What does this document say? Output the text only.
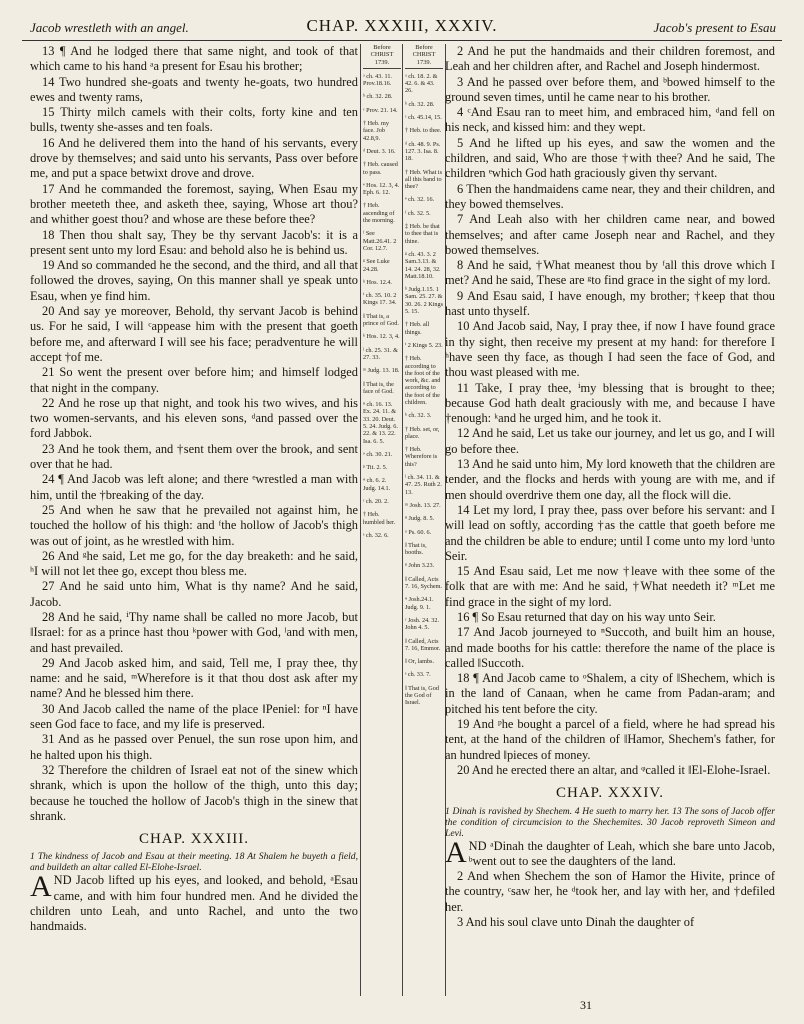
Jacob wrestleth with an angel.	CHAP. XXXIII, XXXIV.	Jacob's present to Esau

13 ¶ And he lodged there that same night, and took of that which came to his hand ᵃa present for Esau his brother;

14 Two hundred she-goats and twenty he-goats, two hundred ewes and twenty rams,

15 Thirty milch camels with their colts, forty kine and ten bulls, twenty she-asses and ten foals.

16 And he delivered them into the hand of his servants, every drove by themselves; and said unto his servants, Pass over before me, and put a space betwixt drove and drove.

17 And he commanded the foremost, saying, When Esau my brother meeteth thee, and asketh thee, saying, Whose art thou? and whither goest thou? and whose are these before thee?

18 Then thou shalt say, They be thy servant Jacob's: it is a present sent unto my lord Esau: and behold also he is behind us.

19 And so commanded he the second, and the third, and all that followed the droves, saying, On this manner shall ye speak unto Esau, when ye find him.

20 And say ye moreover, Behold, thy servant Jacob is behind us. For he said, I will ᶜappease him with the present that goeth before me, and afterward I will see his face; peradventure he will accept †of me.

21 So went the present over before him; and himself lodged that night in the company.

22 And he rose up that night, and took his two wives, and his two women-servants, and his eleven sons, ᵈand passed over the ford Jabbok.

23 And he took them, and †sent them over the brook, and sent over that he had.

24 ¶ And Jacob was left alone; and there ᵉwrestled a man with him, until the †breaking of the day.

25 And when he saw that he prevailed not against him, he touched the hollow of his thigh: and ᶠthe hollow of Jacob's thigh was out of joint, as he wrestled with him.

26 And ᵍhe said, Let me go, for the day breaketh: and he said, ʰI will not let thee go, except thou bless me.

27 And he said unto him, What is thy name? And he said, Jacob.

28 And he said, ⁱThy name shall be called no more Jacob, but ‖Israel: for as a prince hast thou ᵏpower with God, ˡand with men, and hast prevailed.

29 And Jacob asked him, and said, Tell me, I pray thee, thy name: and he said, ᵐWherefore is it that thou dost ask after my name? And he blessed him there.

30 And Jacob called the name of the place ‖Peniel: for ⁿI have seen God face to face, and my life is preserved.

31 And as he passed over Penuel, the sun rose upon him, and he halted upon his thigh.

32 Therefore the children of Israel eat not of the sinew which shrank, which is upon the hollow of the thigh, unto this day; because he touched the hollow of Jacob's thigh in the sinew that shrank.

CHAP. XXXIII.

1 The kindness of Jacob and Esau at their meeting. 18 At Shalem he buyeth a field, and buildeth an altar called El-Elohe-Israel.

AND Jacob lifted up his eyes, and looked, and behold, ᵃEsau came, and with him four hundred men. And he divided the children unto Leah, and unto Rachel, and unto the two handmaids.

Before CHRIST 1739.
ᵃ ch. 43. 11. Prov.18.16.
ᵇ ch. 32. 28.
ᶜ Prov. 21. 14.
† Heb. my face. Job 42.8,9.
ᵈ Deut. 3. 16.
† Heb. caused to pass.
ᵉ Hos. 12. 3, 4. Eph. 6. 12.
† Heb. ascending of the morning.
ᶠ See Matt.26.41. 2 Cor. 12.7.
ᵍ See Luke 24.28.
ʰ Hos. 12.4.
ⁱ ch. 35. 10. 2 Kings 17. 34.
‖ That is, a prince of God.
ᵏ Hos. 12. 3, 4.
ˡ ch. 25. 31. & 27. 33.
ᵐ Judg. 13. 18.
‖ That is, the face of God.
ⁿ ch. 16. 13. Ex. 24. 11. & 33. 20. Deut. 5. 24. Judg. 6. 22. & 13. 22. Isa. 6. 5.
ᵒ ch. 30. 21.
ᵖ Tit. 2. 5.
ᵠ ch. 6. 2. Judg. 14.1.
ʳ ch. 20. 2.
† Heb. humbled her.
ˢ ch. 32. 6.
Before CHRIST 1739.
ᵃ ch. 18. 2. & 42. 6. & 43. 26.
ᵇ ch. 32. 28.
ᶜ ch. 45.14, 15.
† Heb. to thee.
ᵈ ch. 48. 9. Ps. 127. 3. Isa. 8. 18.
† Heb. What is all this band to thee?
ᵉ ch. 32. 16.
ᶠ ch. 32. 5.
‡ Heb. be that to thee that is thine.
ᵍ ch. 43. 3. 2 Sam.3.13. & 14. 24. 28, 32. Matt.18.10.
ʰ Judg.1.15. 1 Sam. 25. 27. & 30. 26. 2 Kings 5. 15.
† Heb. all things.
ⁱ 2 Kings 5. 23.
† Heb. according to the foot of the work, &c. and according to the foot of the children.
ᵏ ch. 32. 3.
† Heb. set, or, place.
† Heb. Wherefore is this?
ˡ ch. 34. 11. & 47. 25. Ruth 2. 13.
ᵐ Josh. 13. 27.
ⁿ Judg. 8. 5.
ᵒ Ps. 60. 6.
‖ That is, booths.
ᵖ John 3.23.
‖ Called, Acts 7. 16, Sychem.
ᵠ Josh.24.1. Judg. 9. 1.
ʳ Josh. 24. 32. John 4. 5.
‖ Called, Acts 7. 16, Emmor.
‖ Or, lambs.
ˢ ch. 33. 7.
‖ That is, God the God of Israel.

2 And he put the handmaids and their children foremost, and Leah and her children after, and Rachel and Joseph hindermost.

3 And he passed over before them, and ᵇbowed himself to the ground seven times, until he came near to his brother.

4 ᶜAnd Esau ran to meet him, and embraced him, ᵈand fell on his neck, and kissed him: and they wept.

5 And he lifted up his eyes, and saw the women and the children, and said, Who are those †with thee? And he said, The children ᵉwhich God hath graciously given thy servant.

6 Then the handmaidens came near, they and their children, and they bowed themselves.

7 And Leah also with her children came near, and bowed themselves; and after came Joseph near and Rachel, and they bowed themselves.

8 And he said, †What meanest thou by ᶠall this drove which I met? And he said, These are ᵍto find grace in the sight of my lord.

9 And Esau said, I have enough, my brother; †keep that thou hast unto thyself.

10 And Jacob said, Nay, I pray thee, if now I have found grace in thy sight, then receive my present at my hand: for therefore I ʰhave seen thy face, as though I had seen the face of God, and thou wast pleased with me.

11 Take, I pray thee, ⁱmy blessing that is brought to thee; because God hath dealt graciously with me, and because I have †enough: ᵏand he urged him, and he took it.

12 And he said, Let us take our journey, and let us go, and I will go before thee.

13 And he said unto him, My lord knoweth that the children are tender, and the flocks and herds with young are with me, and if men should overdrive them one day, all the flock will die.

14 Let my lord, I pray thee, pass over before his servant: and I will lead on softly, according †as the cattle that goeth before me and the children be able to endure; until I come unto my lord ˡunto Seir.

15 And Esau said, Let me now †leave with thee some of the folk that are with me: And he said, †What needeth it? ᵐLet me find grace in the sight of my lord.

16 ¶ So Esau returned that day on his way unto Seir.

17 And Jacob journeyed to ⁿSuccoth, and built him an house, and made booths for his cattle: therefore the name of the place is called ‖Succoth.

18 ¶ And Jacob came to ᵒShalem, a city of ‖Shechem, which is in the land of Canaan, when he came from Padan-aram; and pitched his tent before the city.

19 And ᵖhe bought a parcel of a field, where he had spread his tent, at the hand of the children of ‖Hamor, Shechem's father, for an hundred ‖pieces of money.

20 And he erected there an altar, and ᵠcalled it ‖El-Elohe-Israel.

CHAP. XXXIV.

1 Dinah is ravished by Shechem. 4 He sueth to marry her. 13 The sons of Jacob offer the condition of circumcision to the Shechemites. 30 Jacob reproveth Simeon and Levi.

AND ᵃDinah the daughter of Leah, which she bare unto Jacob, ᵇwent out to see the daughters of the land.

2 And when Shechem the son of Hamor the Hivite, prince of the country, ᶜsaw her, he ᵈtook her, and lay with her, and †defiled her.

3 And his soul clave unto Dinah the daughter of

31
